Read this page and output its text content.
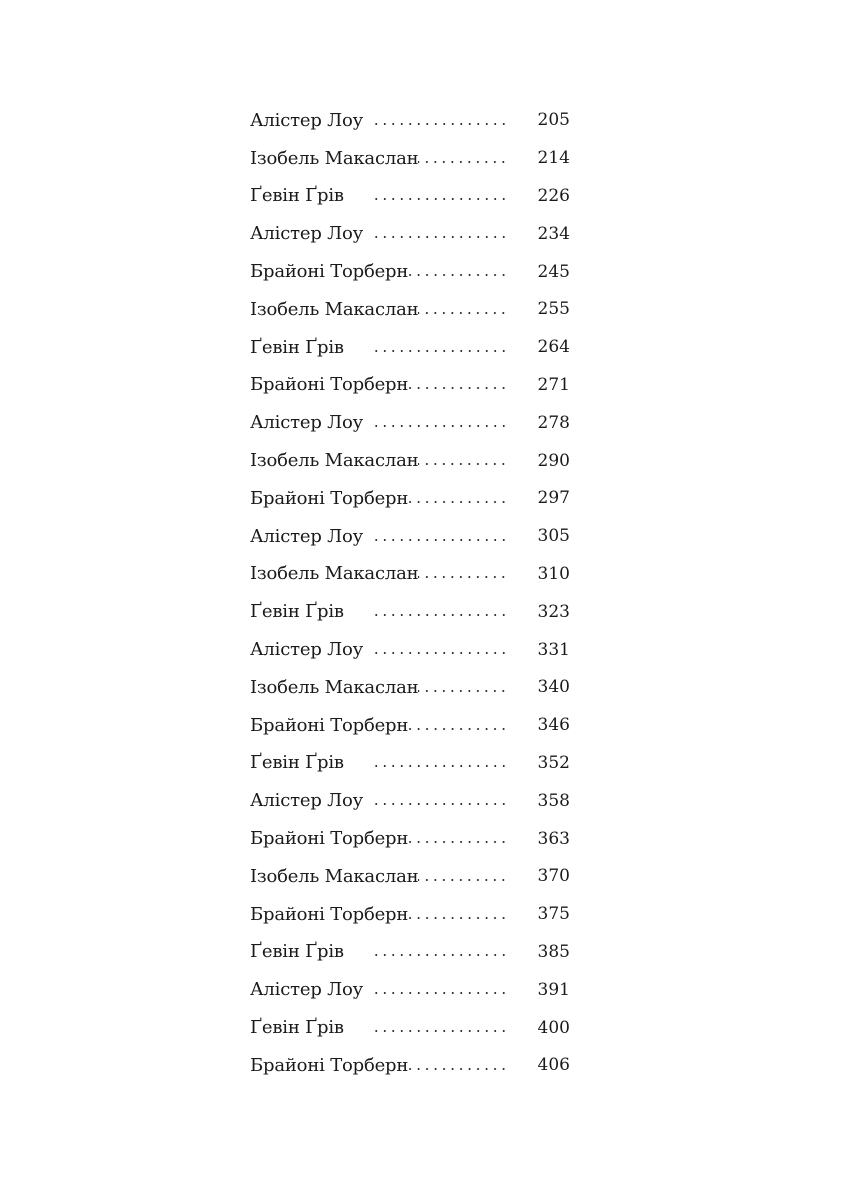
Алістер Лоу	205
Ізобель Макаслан	214
Ґевін Ґрів	226
Алістер Лоу	234
Брайоні Торберн	245
Ізобель Макаслан	255
Ґевін Ґрів	264
Брайоні Торберн	271
Алістер Лоу	278
Ізобель Макаслан	290
Брайоні Торберн	297
Алістер Лоу	305
Ізобель Макаслан	310
Ґевін Ґрів	323
Алістер Лоу	331
Ізобель Макаслан	340
Брайоні Торберн	346
Ґевін Ґрів	352
Алістер Лоу	358
Брайоні Торберн	363
Ізобель Макаслан	370
Брайоні Торберн	375
Ґевін Ґрів	385
Алістер Лоу	391
Ґевін Ґрів	400
Брайоні Торберн	406
